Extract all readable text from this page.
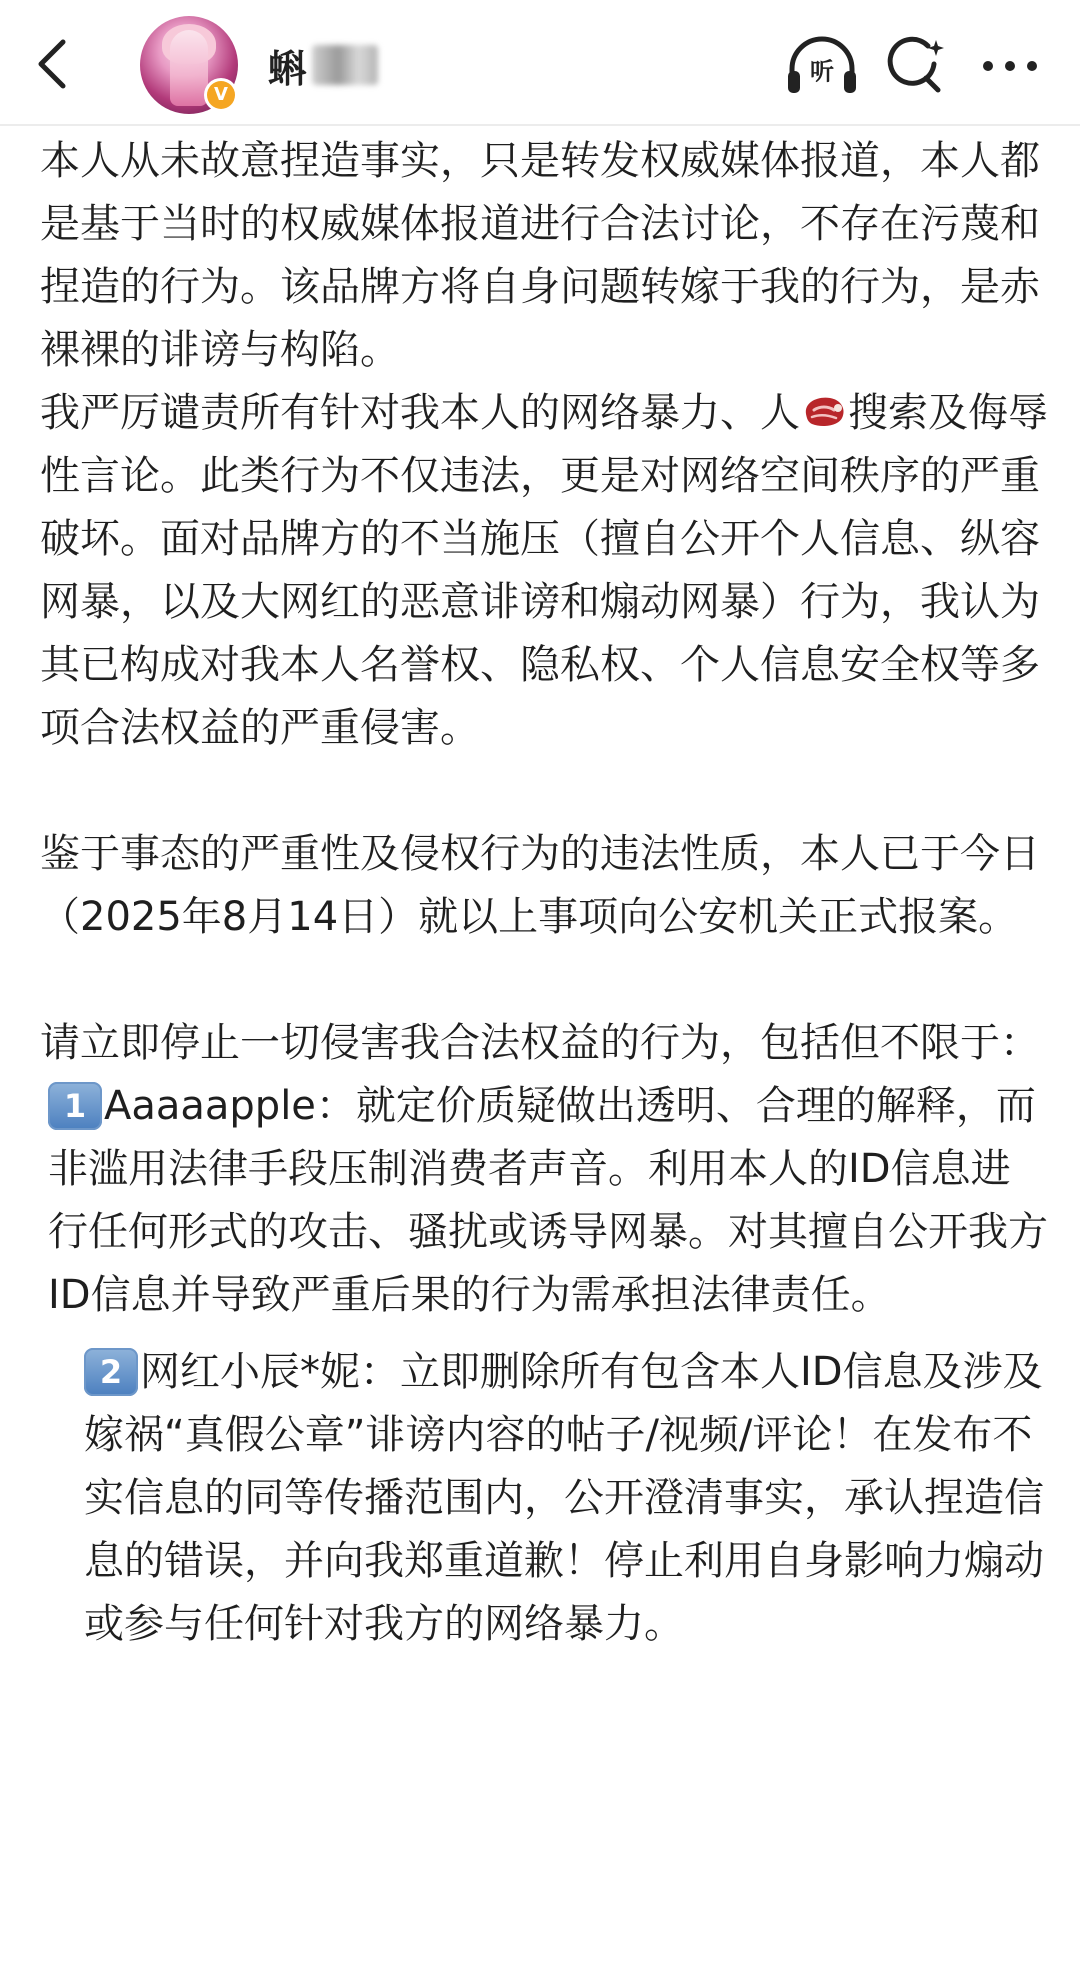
V
蝌	听

本人从未故意捏造事实，只是转发权威媒体报道，本人都是基于当时的权威媒体报道进行合法讨论，不存在污蔑和捏造的行为。该品牌方将自身问题转嫁于我的行为，是赤裸裸的诽谤与构陷。

我严厉谴责所有针对我本人的网络暴力、人 搜索及侮辱性言论。此类行为不仅违法，更是对网络空间秩序的严重破坏。面对品牌方的不当施压（擅自公开个人信息、纵容网暴，以及大网红的恶意诽谤和煽动网暴）行为，我认为其已构成对我本人名誉权、隐私权、个人信息安全权等多项合法权益的严重侵害。

鉴于事态的严重性及侵权行为的违法性质，本人已于今日（2025年8月14日）就以上事项向公安机关正式报案。

请立即停止一切侵害我合法权益的行为，包括但不限于：

1 Aaaaapple：就定价质疑做出透明、合理的解释，而非滥用法律手段压制消费者声音。利用本人的ID信息进行任何形式的攻击、骚扰或诱导网暴。对其擅自公开我方ID信息并导致严重后果的行为需承担法律责任。

2 网红小辰*妮：立即删除所有包含本人ID信息及涉及嫁祸“真假公章”诽谤内容的帖子/视频/评论！在发布不实信息的同等传播范围内，公开澄清事实，承认捏造信息的错误，并向我郑重道歉！停止利用自身影响力煽动或参与任何针对我方的网络暴力。
